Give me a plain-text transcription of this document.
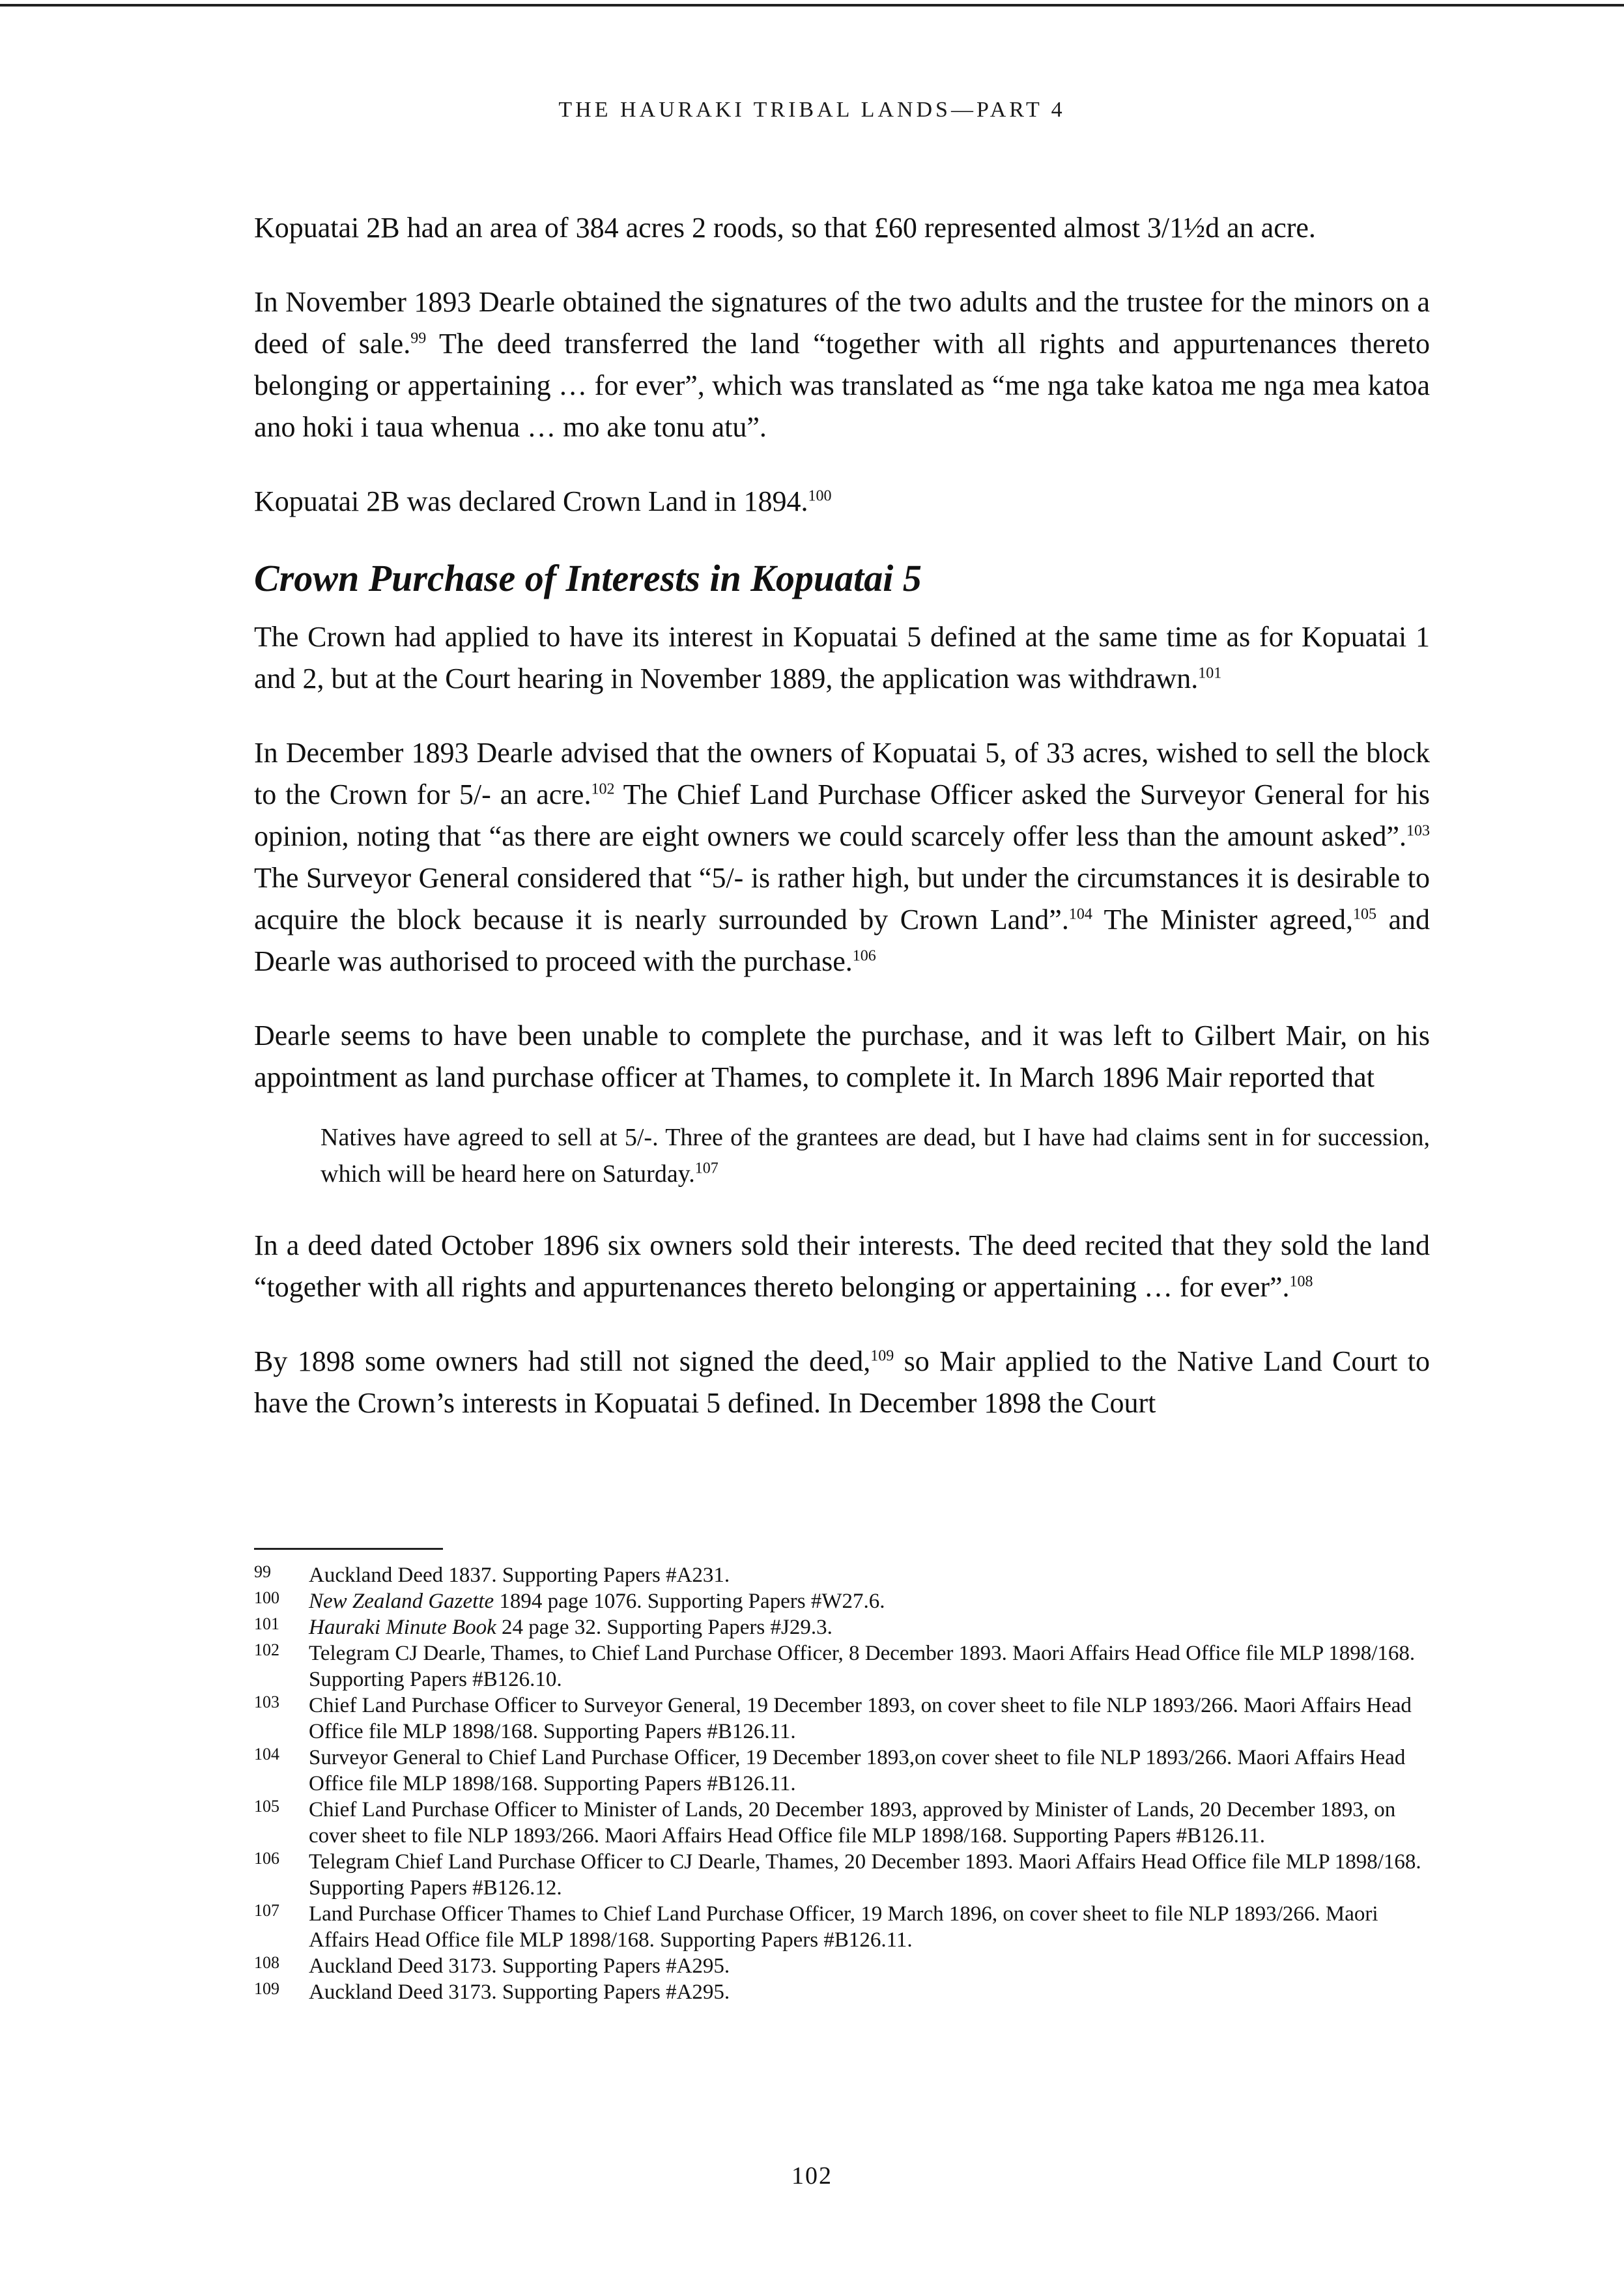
THE HAURAKI TRIBAL LANDS—PART 4

Kopuatai 2B had an area of 384 acres 2 roods, so that £60 represented almost 3/1½d an acre.

In November 1893 Dearle obtained the signatures of the two adults and the trustee for the minors on a deed of sale.$^{99}$ The deed transferred the land “together with all rights and appurtenances thereto belonging or appertaining … for ever”, which was translated as “me nga take katoa me nga mea katoa ano hoki i taua whenua … mo ake tonu atu”.

Kopuatai 2B was declared Crown Land in 1894.$^{100}$

Crown Purchase of Interests in Kopuatai 5

The Crown had applied to have its interest in Kopuatai 5 defined at the same time as for Kopuatai 1 and 2, but at the Court hearing in November 1889, the application was withdrawn.$^{101}$

In December 1893 Dearle advised that the owners of Kopuatai 5, of 33 acres, wished to sell the block to the Crown for 5/- an acre.$^{102}$ The Chief Land Purchase Officer asked the Surveyor General for his opinion, noting that “as there are eight owners we could scarcely offer less than the amount asked”.$^{103}$ The Surveyor General considered that “5/- is rather high, but under the circumstances it is desirable to acquire the block because it is nearly surrounded by Crown Land”.$^{104}$ The Minister agreed,$^{105}$ and Dearle was authorised to proceed with the purchase.$^{106}$

Dearle seems to have been unable to complete the purchase, and it was left to Gilbert Mair, on his appointment as land purchase officer at Thames, to complete it. In March 1896 Mair reported that

Natives have agreed to sell at 5/-. Three of the grantees are dead, but I have had claims sent in for succession, which will be heard here on Saturday.$^{107}$

In a deed dated October 1896 six owners sold their interests. The deed recited that they sold the land “together with all rights and appurtenances thereto belonging or appertaining … for ever”.$^{108}$

By 1898 some owners had still not signed the deed,$^{109}$ so Mair applied to the Native Land Court to have the Crown’s interests in Kopuatai 5 defined. In December 1898 the Court

99	Auckland Deed 1837. Supporting Papers #A231.
100	New Zealand Gazette 1894 page 1076. Supporting Papers #W27.6.
101	Hauraki Minute Book 24 page 32. Supporting Papers #J29.3.
102	Telegram CJ Dearle, Thames, to Chief Land Purchase Officer, 8 December 1893. Maori Affairs Head Office file MLP 1898/168. Supporting Papers #B126.10.
103	Chief Land Purchase Officer to Surveyor General, 19 December 1893, on cover sheet to file NLP 1893/266. Maori Affairs Head Office file MLP 1898/168. Supporting Papers #B126.11.
104	Surveyor General to Chief Land Purchase Officer, 19 December 1893,on cover sheet to file NLP 1893/266. Maori Affairs Head Office file MLP 1898/168. Supporting Papers #B126.11.
105	Chief Land Purchase Officer to Minister of Lands, 20 December 1893, approved by Minister of Lands, 20 December 1893, on cover sheet to file NLP 1893/266. Maori Affairs Head Office file MLP 1898/168. Supporting Papers #B126.11.
106	Telegram Chief Land Purchase Officer to CJ Dearle, Thames, 20 December 1893. Maori Affairs Head Office file MLP 1898/168. Supporting Papers #B126.12.
107	Land Purchase Officer Thames to Chief Land Purchase Officer, 19 March 1896, on cover sheet to file NLP 1893/266. Maori Affairs Head Office file MLP 1898/168. Supporting Papers #B126.11.
108	Auckland Deed 3173. Supporting Papers #A295.
109	Auckland Deed 3173. Supporting Papers #A295.
102
